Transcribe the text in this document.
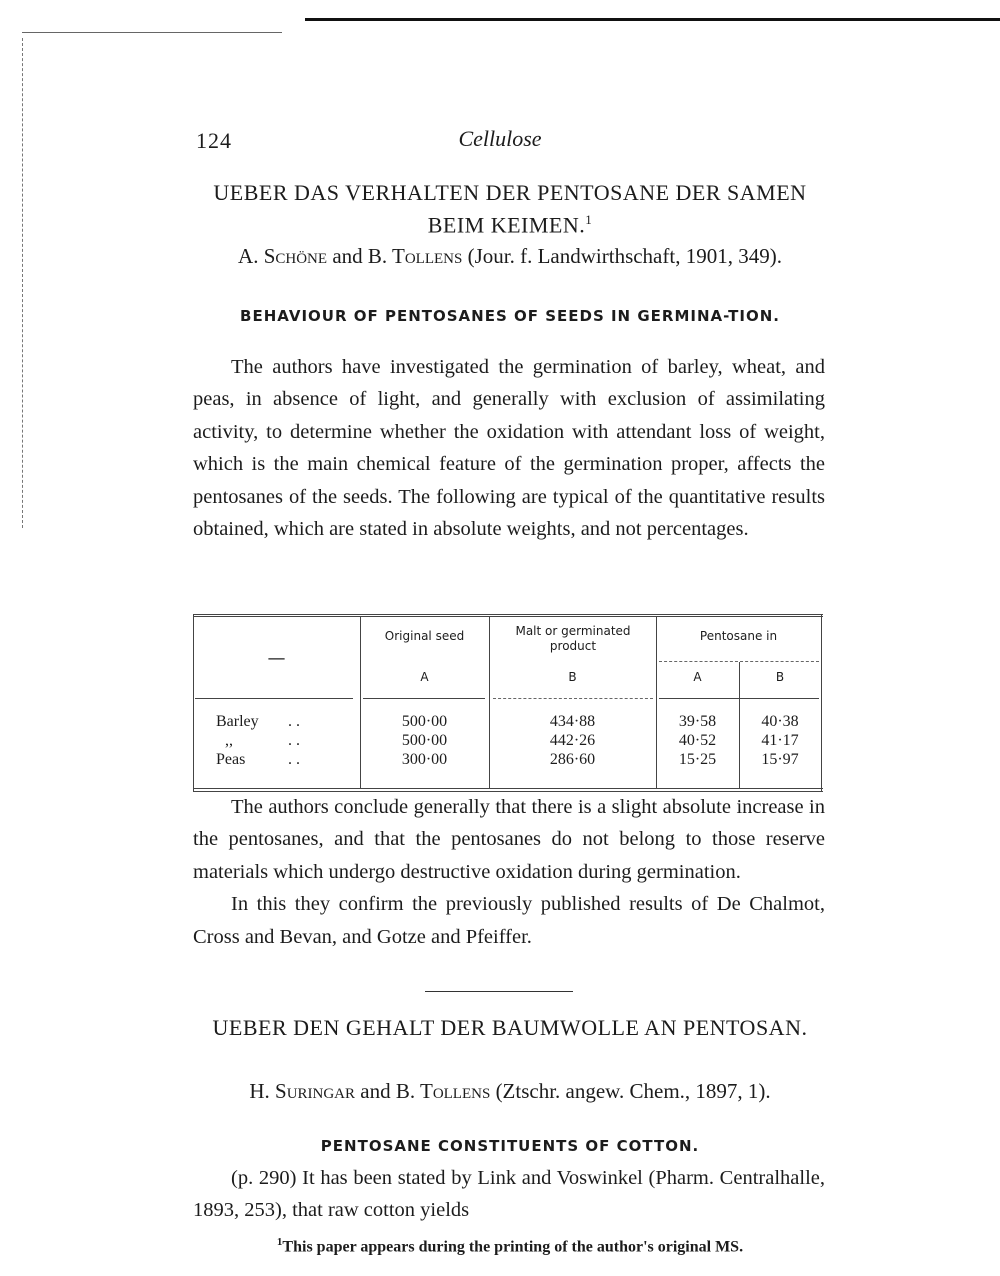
124	Cellulose
UEBER DAS VERHALTEN DER PENTOSANE DER SAMEN BEIM KEIMEN.$^1$
A. Schöne and B. Tollens (Jour. f. Landwirthschaft, 1901, 349).
BEHAVIOUR OF PENTOSANES OF SEEDS IN GERMINA-TION.

The authors have investigated the germination of barley, wheat, and peas, in absence of light, and generally with exclusion of assimilating activity, to determine whether the oxidation with attendant loss of weight, which is the main chemical feature of the germination proper, affects the pentosanes of the seeds. The following are typical of the quantitative results obtained, which are stated in absolute weights, and not percentages.

—
Original seed	Malt or germinated product
Pentosane in
A	B	A	B
Barley . .	500·00	434·88	39·58	40·38
,,	. .	500·00	442·26	40·52	41·17
Peas	. .	300·00	286·60	15·25	15·97

The authors conclude generally that there is a slight absolute increase in the pentosanes, and that the pentosanes do not belong to those reserve materials which undergo destructive oxidation during germination.

In this they confirm the previously published results of De Chalmot, Cross and Bevan, and Gotze and Pfeiffer.

UEBER DEN GEHALT DER BAUMWOLLE AN PENTOSAN.
H. Suringar and B. Tollens (Ztschr. angew. Chem., 1897, 1).
PENTOSANE CONSTITUENTS OF COTTON.

(p. 290) It has been stated by Link and Voswinkel (Pharm. Centralhalle, 1893, 253), that raw cotton yields

$^1$This paper appears during the printing of the author's original MS.
